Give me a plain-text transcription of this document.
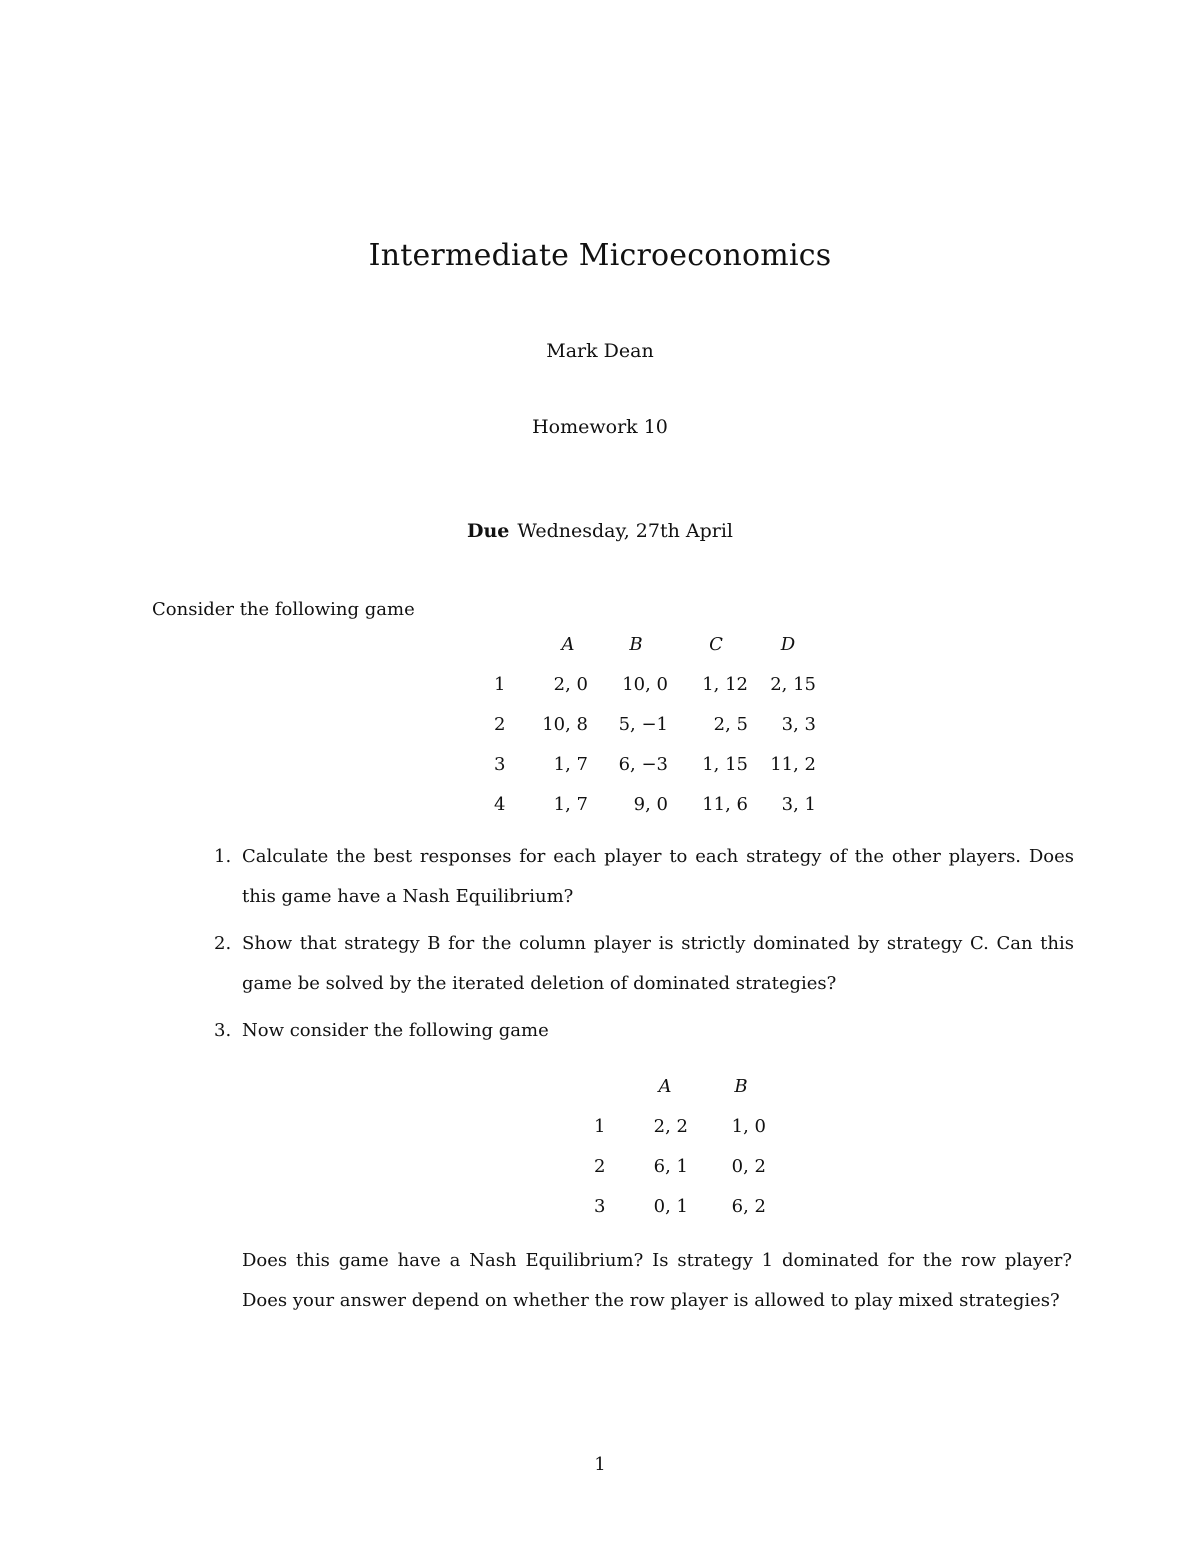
Intermediate Microeconomics
Mark Dean
Homework 10
Due Wednesday, 27th April
Consider the following game
	A	B	C	D
1	2, 0	10, 0	1, 12	2, 15
2	10, 8	5, −1	2, 5	3, 3
3	1, 7	6, −3	1, 15	11, 2
4	1, 7	9, 0	11, 6	3, 1
1. Calculate the best responses for each player to each strategy of the other players. Does this game have a Nash Equilibrium?
2. Show that strategy B for the column player is strictly dominated by strategy C. Can this game be solved by the iterated deletion of dominated strategies?
3. Now consider the following game
	A	B
1	2, 2	1, 0
2	6, 1	0, 2
3	0, 1	6, 2
Does this game have a Nash Equilibrium? Is strategy 1 dominated for the row player? Does your answer depend on whether the row player is allowed to play mixed strategies?
1
